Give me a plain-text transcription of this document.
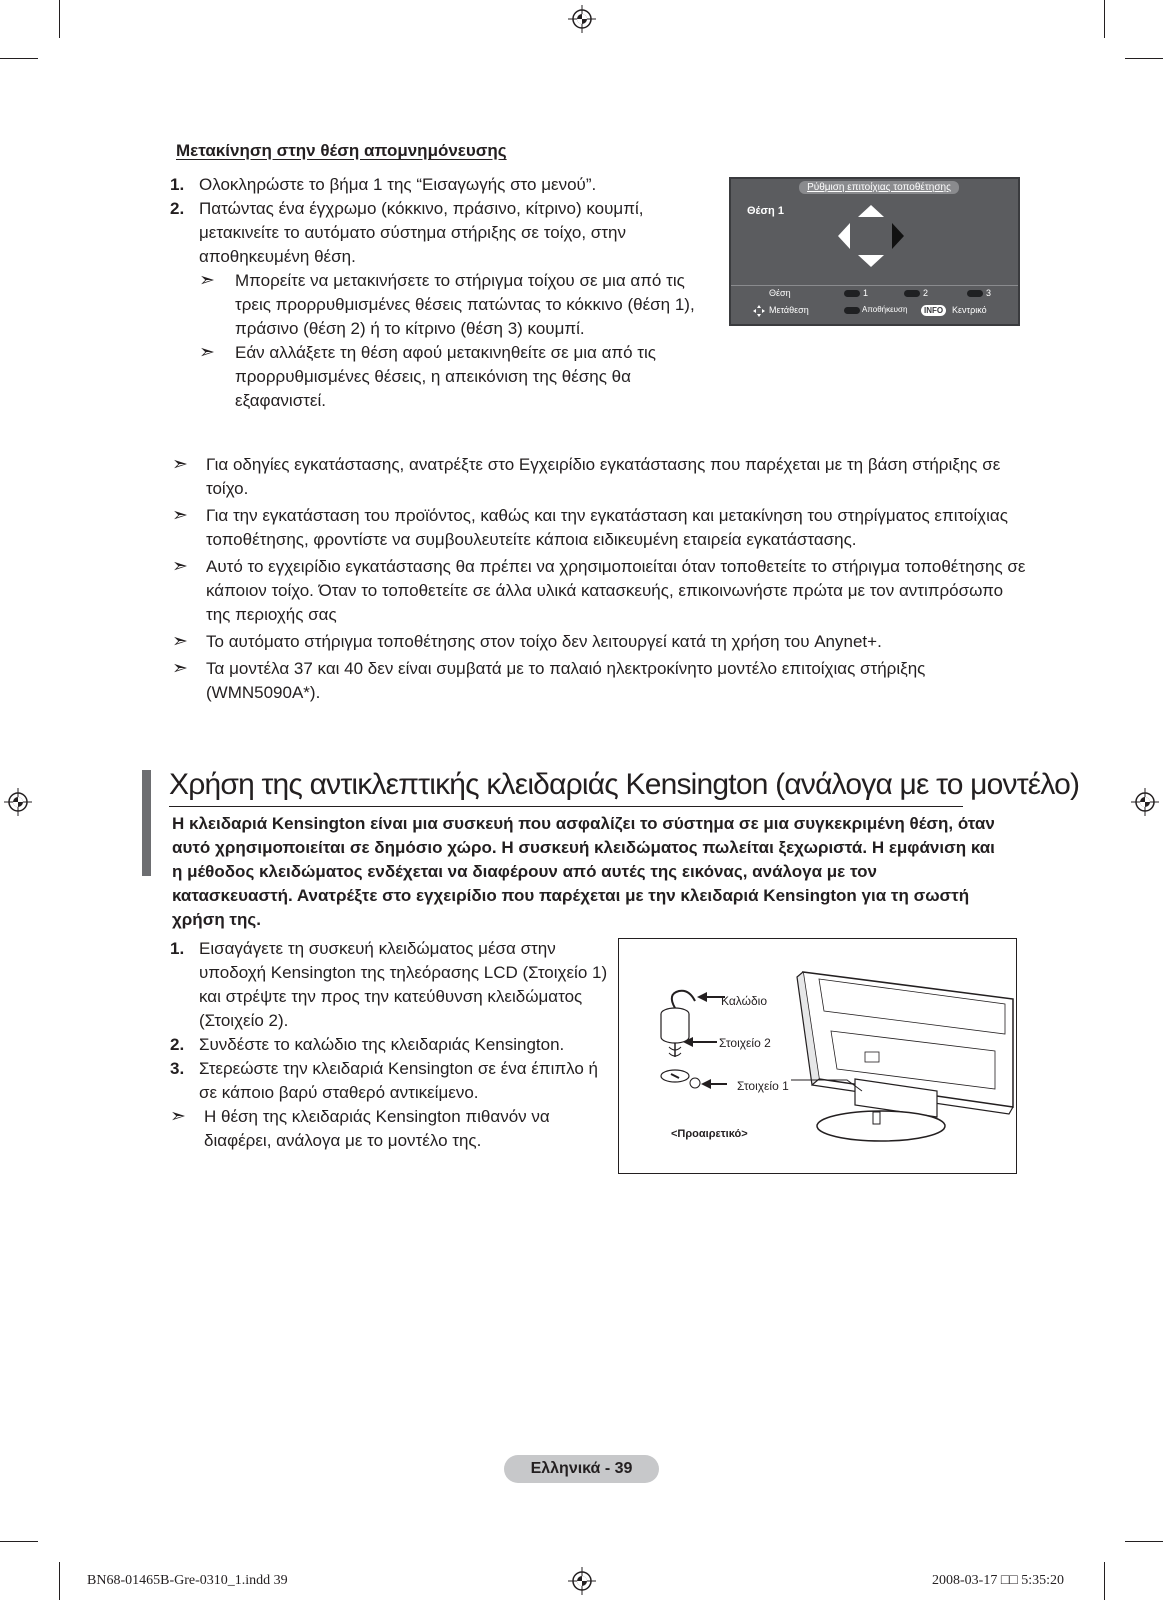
Μετακίνηση στην θέση απομνημόνευσης
1. Ολοκληρώστε το βήμα 1 της “Εισαγωγής στο μενού”.
2. Πατώντας ένα έγχρωμο (κόκκινο, πράσινο, κίτρινο) κουμπί, μετακινείτε το αυτόματο σύστημα στήριξης σε τοίχο, στην αποθηκευμένη θέση.
➣ Μπορείτε να μετακινήσετε το στήριγμα τοίχου σε μια από τις τρεις προρρυθμισμένες θέσεις πατώντας το κόκκινο (θέση 1), πράσινο (θέση 2) ή το κίτρινο (θέση 3) κουμπί.
➣ Εάν αλλάξετε τη θέση αφού μετακινηθείτε σε μια από τις προρρυθμισμένες θέσεις, η απεικόνιση της θέσης θα εξαφανιστεί.
Ρύθμιση επιτοίχιας τοποθέτησης
Θέση 1
Θέση	1	2	3
Μετάθεση	Αποθήκευση	INFO Κεντρικό
➣ Για οδηγίες εγκατάστασης, ανατρέξτε στο Εγχειρίδιο εγκατάστασης που παρέχεται με τη βάση στήριξης σε τοίχο.
➣ Για την εγκατάσταση του προϊόντος, καθώς και την εγκατάσταση και μετακίνηση του στηρίγματος επιτοίχιας τοποθέτησης, φροντίστε να συμβουλευτείτε κάποια ειδικευμένη εταιρεία εγκατάστασης.
➣ Αυτό το εγχειρίδιο εγκατάστασης θα πρέπει να χρησιμοποιείται όταν τοποθετείτε το στήριγμα τοποθέτησης σε κάποιον τοίχο. Όταν το τοποθετείτε σε άλλα υλικά κατασκευής, επικοινωνήστε πρώτα με τον αντιπρόσωπο της περιοχής σας
➣ Το αυτόματο στήριγμα τοποθέτησης στον τοίχο δεν λειτουργεί κατά τη χρήση του Anynet+.
➣ Τα μοντέλα 37 και 40 δεν είναι συμβατά με το παλαιό ηλεκτροκίνητο μοντέλο επιτοίχιας στήριξης (WMN5090A*).
Χρήση της αντικλεπτικής κλειδαριάς Kensington (ανάλογα με το μοντέλο)
Η κλειδαριά Kensington είναι μια συσκευή που ασφαλίζει το σύστημα σε μια συγκεκριμένη θέση, όταν αυτό χρησιμοποιείται σε δημόσιο χώρο. Η συσκευή κλειδώματος πωλείται ξεχωριστά. Η εμφάνιση και η μέθοδος κλειδώματος ενδέχεται να διαφέρουν από αυτές της εικόνας, ανάλογα με τον κατασκευαστή. Ανατρέξτε στο εγχειρίδιο που παρέχεται με την κλειδαριά Kensington για τη σωστή χρήση της.
1. Εισαγάγετε τη συσκευή κλειδώματος μέσα στην υποδοχή Kensington της τηλεόρασης LCD (Στοιχείο 1) και στρέψτε την προς την κατεύθυνση κλειδώματος (Στοιχείο 2).
2. Συνδέστε το καλώδιο της κλειδαριάς Kensington.
3. Στερεώστε την κλειδαριά Kensington σε ένα έπιπλο ή σε κάποιο βαρύ σταθερό αντικείμενο.
➣ Η θέση της κλειδαριάς Kensington πιθανόν να διαφέρει, ανάλογα με το μοντέλο της.
Καλώδιο
Στοιχείο 2
Στοιχείο 1
<Προαιρετικό>
Ελληνικά - 39
BN68-01465B-Gre-0310_1.indd 39	2008-03-17 □□ 5:35:20
